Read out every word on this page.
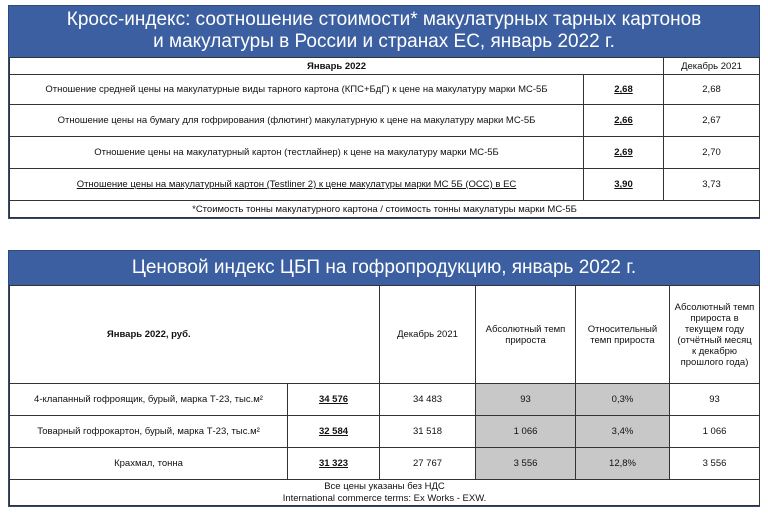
Кросс-индекс: соотношение стоимости* макулатурных тарных картонов
и макулатуры в России и странах ЕС, январь 2022 г.
Январь 2022		Декабрь 2021
Отношение средней цены на макулатурные виды тарного картона (КПС+БдГ) к цене на макулатуру марки МС-5Б	2,68	2,68
Отношение цены на бумагу для гофрирования (флютинг) макулатурную к цене на макулатуру марки МС-5Б	2,66	2,67
Отношение цены на макулатурный картон (тестлайнер) к цене на макулатуру марки МС-5Б	2,69	2,70
Отношение цены на макулатурный картон (Testliner 2) к цене макулатуры марки МС 5Б (OCC) в ЕС	3,90	3,73
*Стоимость тонны макулатурного картона / стоимость тонны макулатуры марки МС-5Б		
Ценовой индекс ЦБП на гофропродукцию, январь 2022 г.
Январь 2022, руб.		Декабрь 2021	Абсолютный темп прироста	Относительный темп прироста	Абсолютный темп прироста в текущем году (отчётный месяц к декабрю прошлого года)
4-клапанный гофроящик, бурый, марка Т-23, тыс.м²	34 576	34 483	93	0,3%	93
Товарный гофрокартон, бурый, марка Т-23, тыс.м²	32 584	31 518	1 066	3,4%	1 066
Крахмал, тонна	31 323	27 767	3 556	12,8%	3 556

Все цены указаны без НДС
International commerce terms: Ex Works - EXW.					
